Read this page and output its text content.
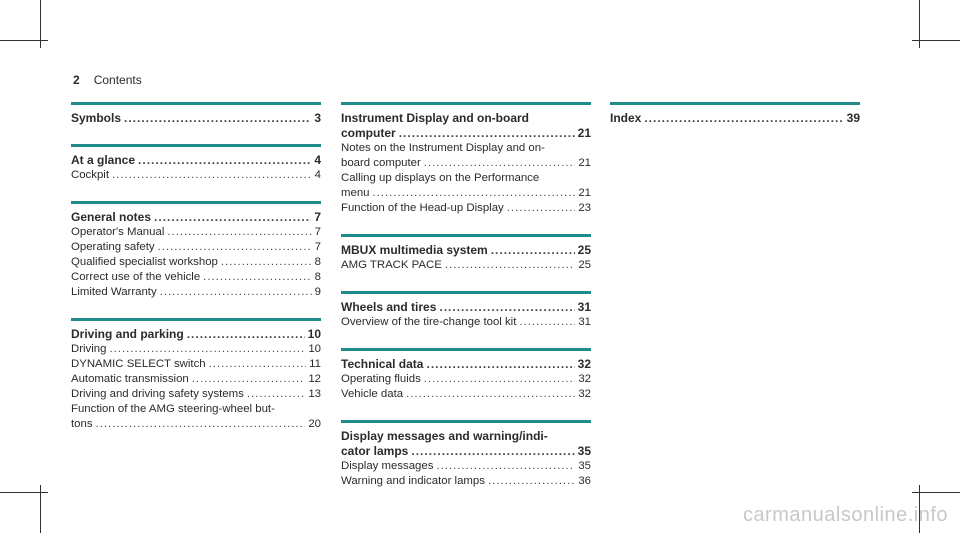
2 Contents
Symbols .....	3
At a glance .....	4
Cockpit .....	4
General notes .....	7
Operator's Manual .....	7
Operating safety .....	7
Qualified specialist workshop .....	8
Correct use of the vehicle .....	8
Limited Warranty .....	9
Driving and parking .....	10
Driving .....	10
DYNAMIC SELECT switch .....	11
Automatic transmission .....	12
Driving and driving safety systems .....	13
Function of the AMG steering-wheel but-
tons .....	20
Instrument Display and on-board
computer .....	21
Notes on the Instrument Display and on-
board computer .....	21
Calling up displays on the Performance
menu .....	21
Function of the Head-up Display .....	23
MBUX multimedia system .....	25
AMG TRACK PACE .....	25
Wheels and tires .....	31
Overview of the tire-change tool kit .....	31
Technical data .....	32
Operating fluids .....	32
Vehicle data .....	32
Display messages and warning/indi-
cator lamps .....	35
Display messages .....	35
Warning and indicator lamps .....	36
Index .....	39
carmanualsonline.info
